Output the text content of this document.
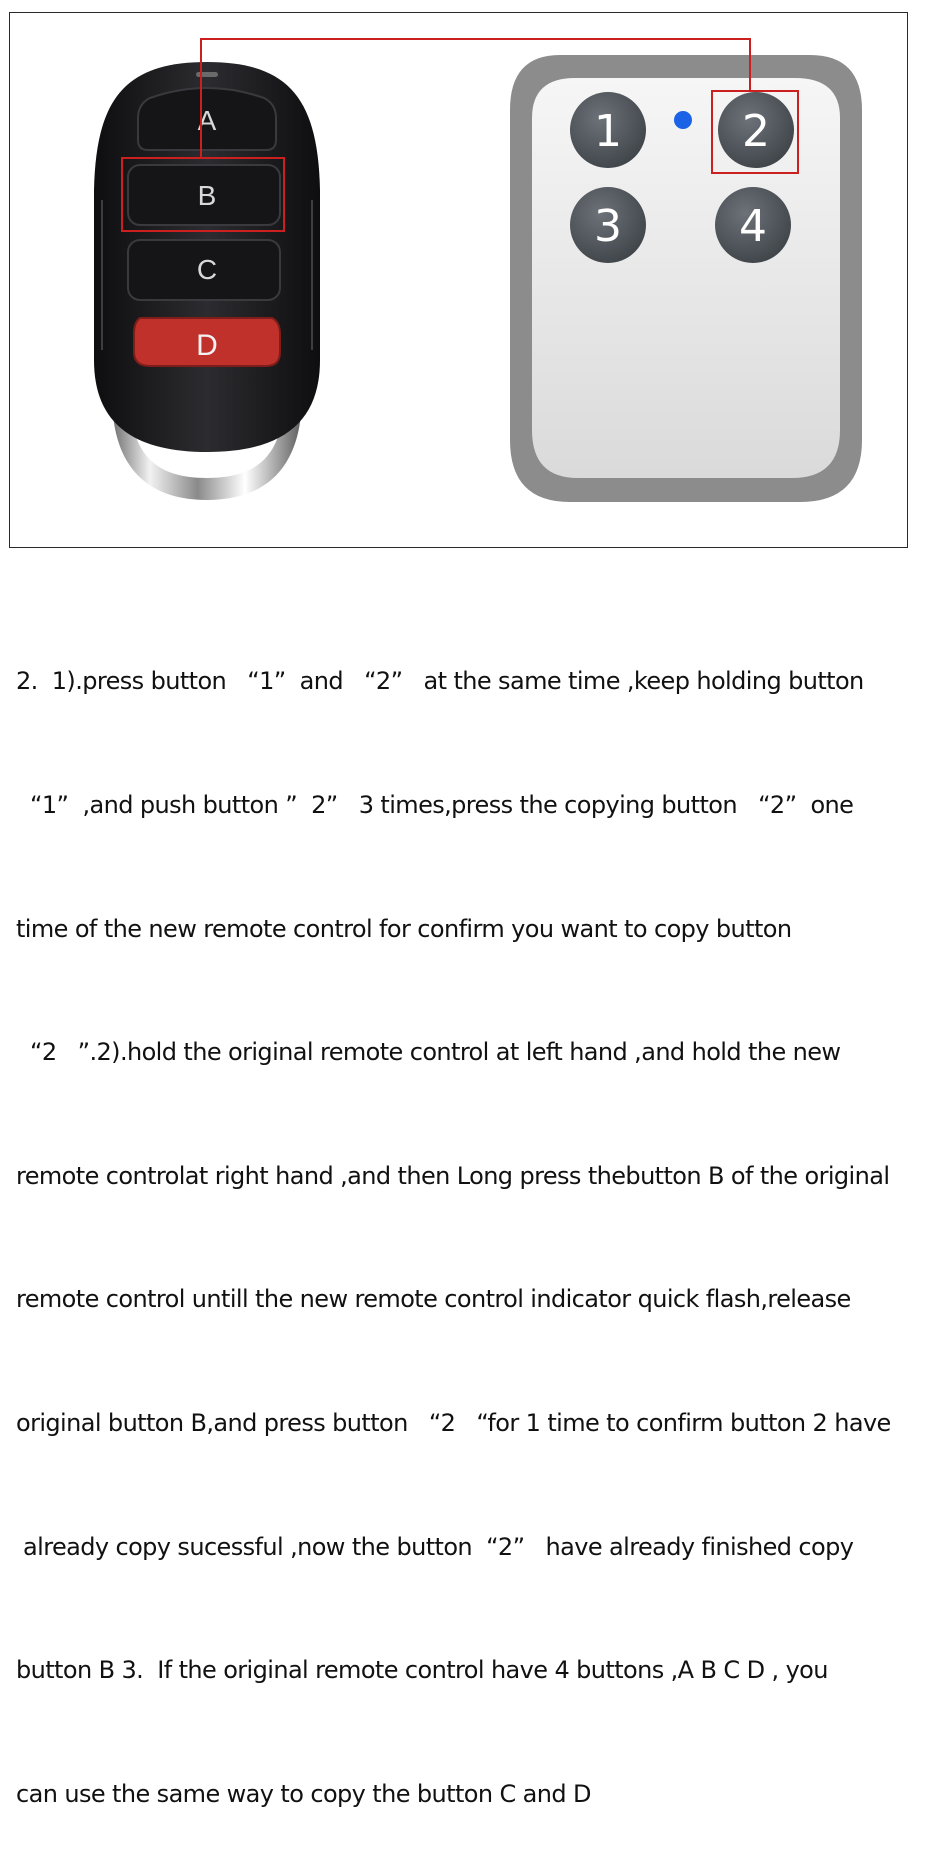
A
B
C
D
1	2
3	4

2.  1).press button   “1”  and   “2”   at the same time ,keep holding button

“1”  ,and push button ”  2”   3 times,press the copying button   “2”  one

time of the new remote control for confirm you want to copy button

“2   ”.2).hold the original remote control at left hand ,and hold the new

remote controlat right hand ,and then Long press thebutton B of the original

remote control untill the new remote control indicator quick flash,release

original button B,and press button   “2   “for 1 time to confirm button 2 have

already copy sucessful ,now the button  “2”   have already finished copy

button B 3.  If the original remote control have 4 buttons ,A B C D , you

can use the same way to copy the button C and D
